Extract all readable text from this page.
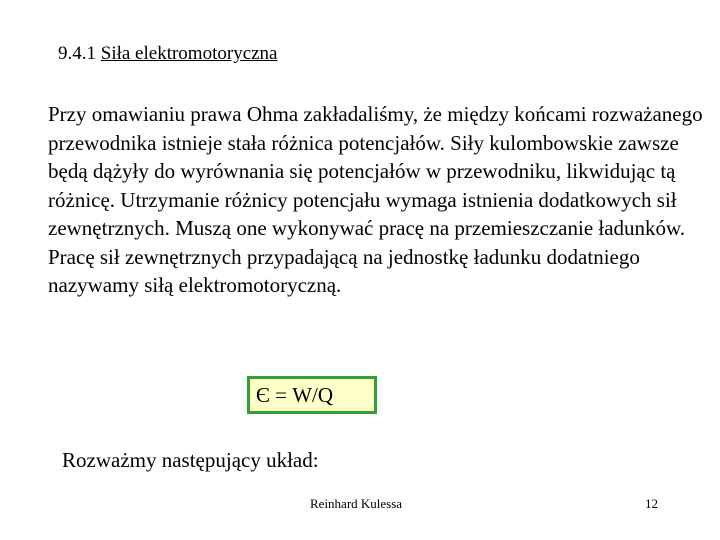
9.4.1 Siła elektromotoryczna

Przy omawianiu prawa Ohma zakładaliśmy, że między końcami rozważanego przewodnika istnieje stała różnica potencjałów. Siły kulombowskie zawsze będą dążyły do wyrównania się potencjałów w przewodniku, likwidując tą różnicę. Utrzymanie różnicy potencjału wymaga istnienia dodatkowych sił zewnętrznych. Muszą one wykonywać pracę na przemieszczanie ładunków.

Pracę sił zewnętrznych przypadającą na jednostkę ładunku dodatniego nazywamy siłą elektromotoryczną.

Є = W/Q
Rozważmy następujący układ:
Reinhard Kulessa	12
